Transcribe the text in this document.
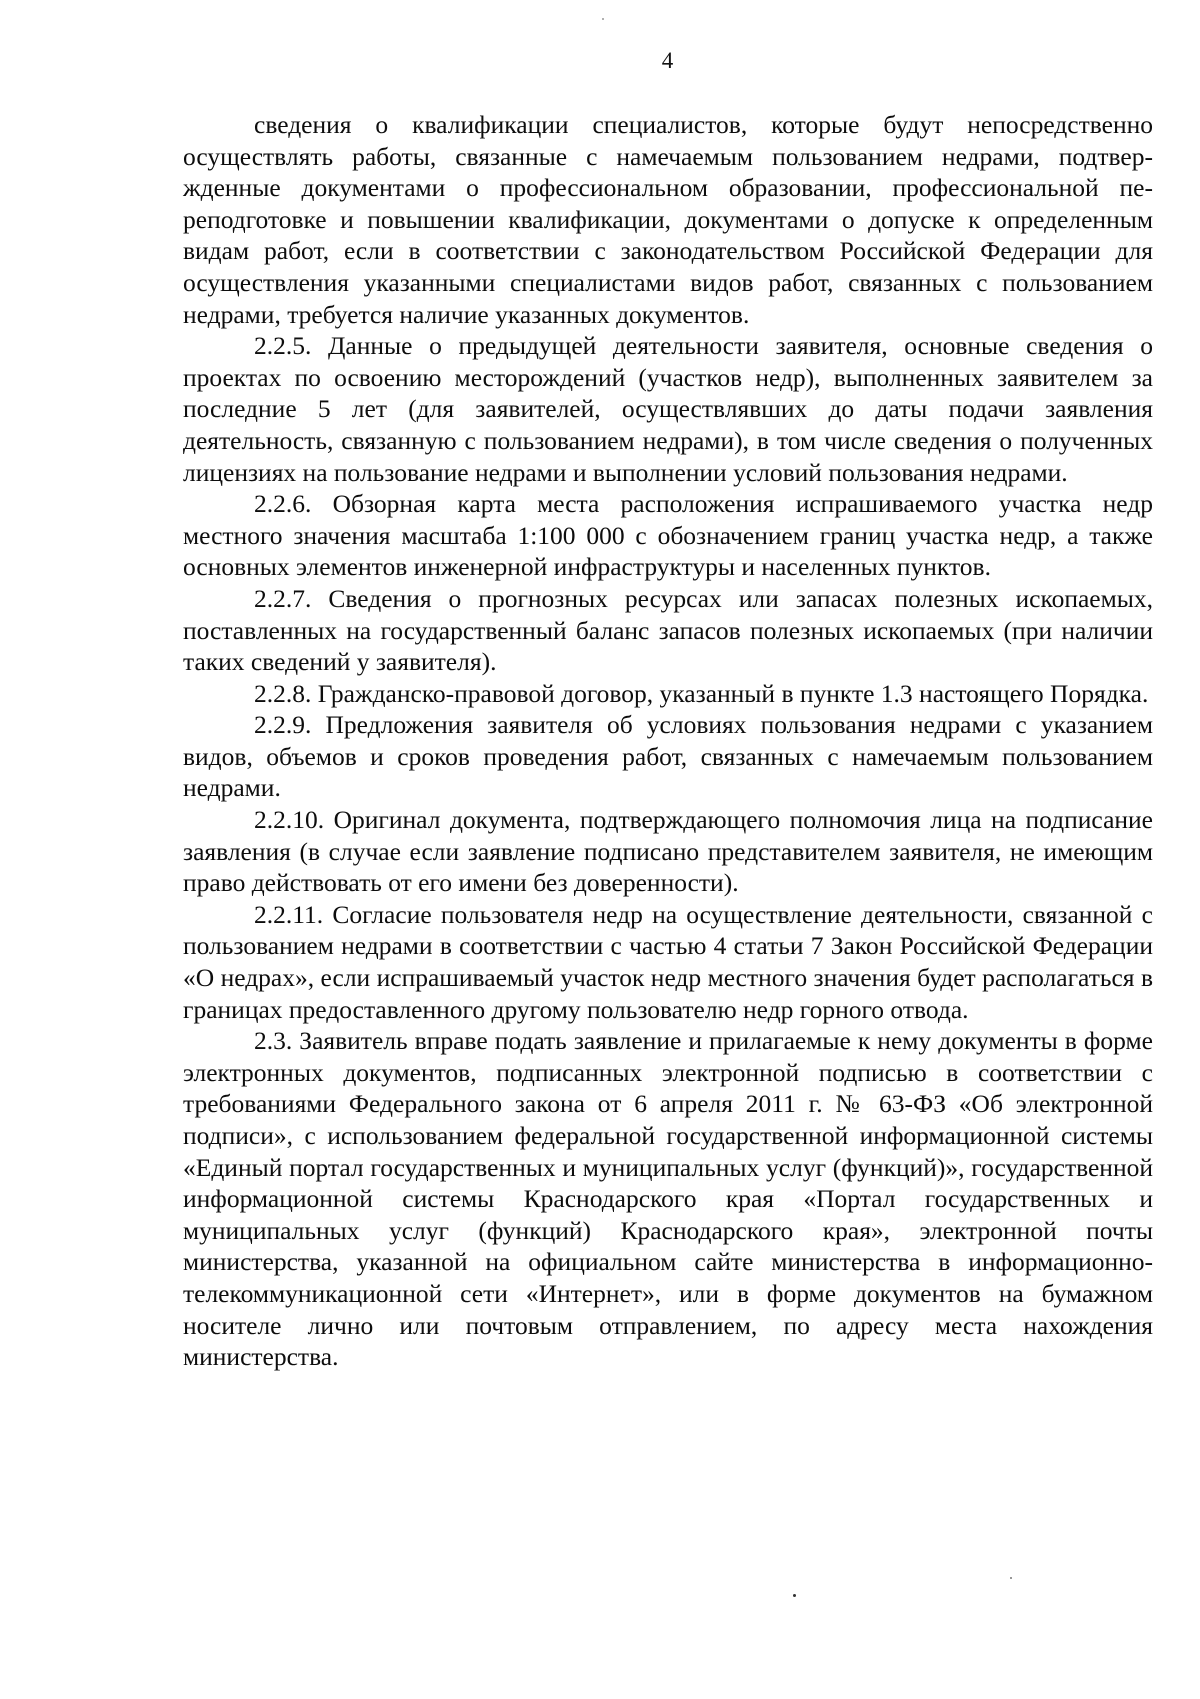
4

сведения о квалификации специалистов, которые будут непосредственно осуществлять работы, связанные с намечаемым пользованием недрами, подтвержденные документами о профессиональном образовании, профессиональной переподготовке и повышении квалификации, документами о допуске к определенным видам работ, если в соответствии с законодательством Российской Федерации для осуществления указанными специалистами видов работ, связанных с пользованием недрами, требуется наличие указанных документов.

2.2.5. Данные о предыдущей деятельности заявителя, основные сведения о проектах по освоению месторождений (участков недр), выполненных заявителем за последние 5 лет (для заявителей, осуществлявших до даты подачи заявления деятельность, связанную с пользованием недрами), в том числе сведения о полученных лицензиях на пользование недрами и выполнении условий пользования недрами.

2.2.6. Обзорная карта места расположения испрашиваемого участка недр местного значения масштаба 1:100 000 с обозначением границ участка недр, а также основных элементов инженерной инфраструктуры и населенных пунктов.

2.2.7. Сведения о прогнозных ресурсах или запасах полезных ископаемых, поставленных на государственный баланс запасов полезных ископаемых (при наличии таких сведений у заявителя).

2.2.8. Гражданско-правовой договор, указанный в пункте 1.3 настоящего Порядка.

2.2.9. Предложения заявителя об условиях пользования недрами с указанием видов, объемов и сроков проведения работ, связанных с намечаемым пользованием недрами.

2.2.10. Оригинал документа, подтверждающего полномочия лица на подписание заявления (в случае если заявление подписано представителем заявителя, не имеющим право действовать от его имени без доверенности).

2.2.11. Согласие пользователя недр на осуществление деятельности, связанной с пользованием недрами в соответствии с частью 4 статьи 7 Закон Российской Федерации «О недрах», если испрашиваемый участок недр местного значения будет располагаться в границах предоставленного другому пользователю недр горного отвода.

2.3. Заявитель вправе подать заявление и прилагаемые к нему документы в форме электронных документов, подписанных электронной подписью в соответствии с требованиями Федерального закона от 6 апреля 2011 г. № 63-ФЗ «Об электронной подписи», с использованием федеральной государственной информационной системы «Единый портал государственных и муниципальных услуг (функций)», государственной информационной системы Краснодарского края «Портал государственных и муниципальных услуг (функций) Краснодарского края», электронной почты министерства, указанной на официальном сайте министерства в информационно-телекоммуникационной сети «Интернет», или в форме документов на бумажном носителе лично или почтовым отправлением, по адресу места нахождения министерства.
